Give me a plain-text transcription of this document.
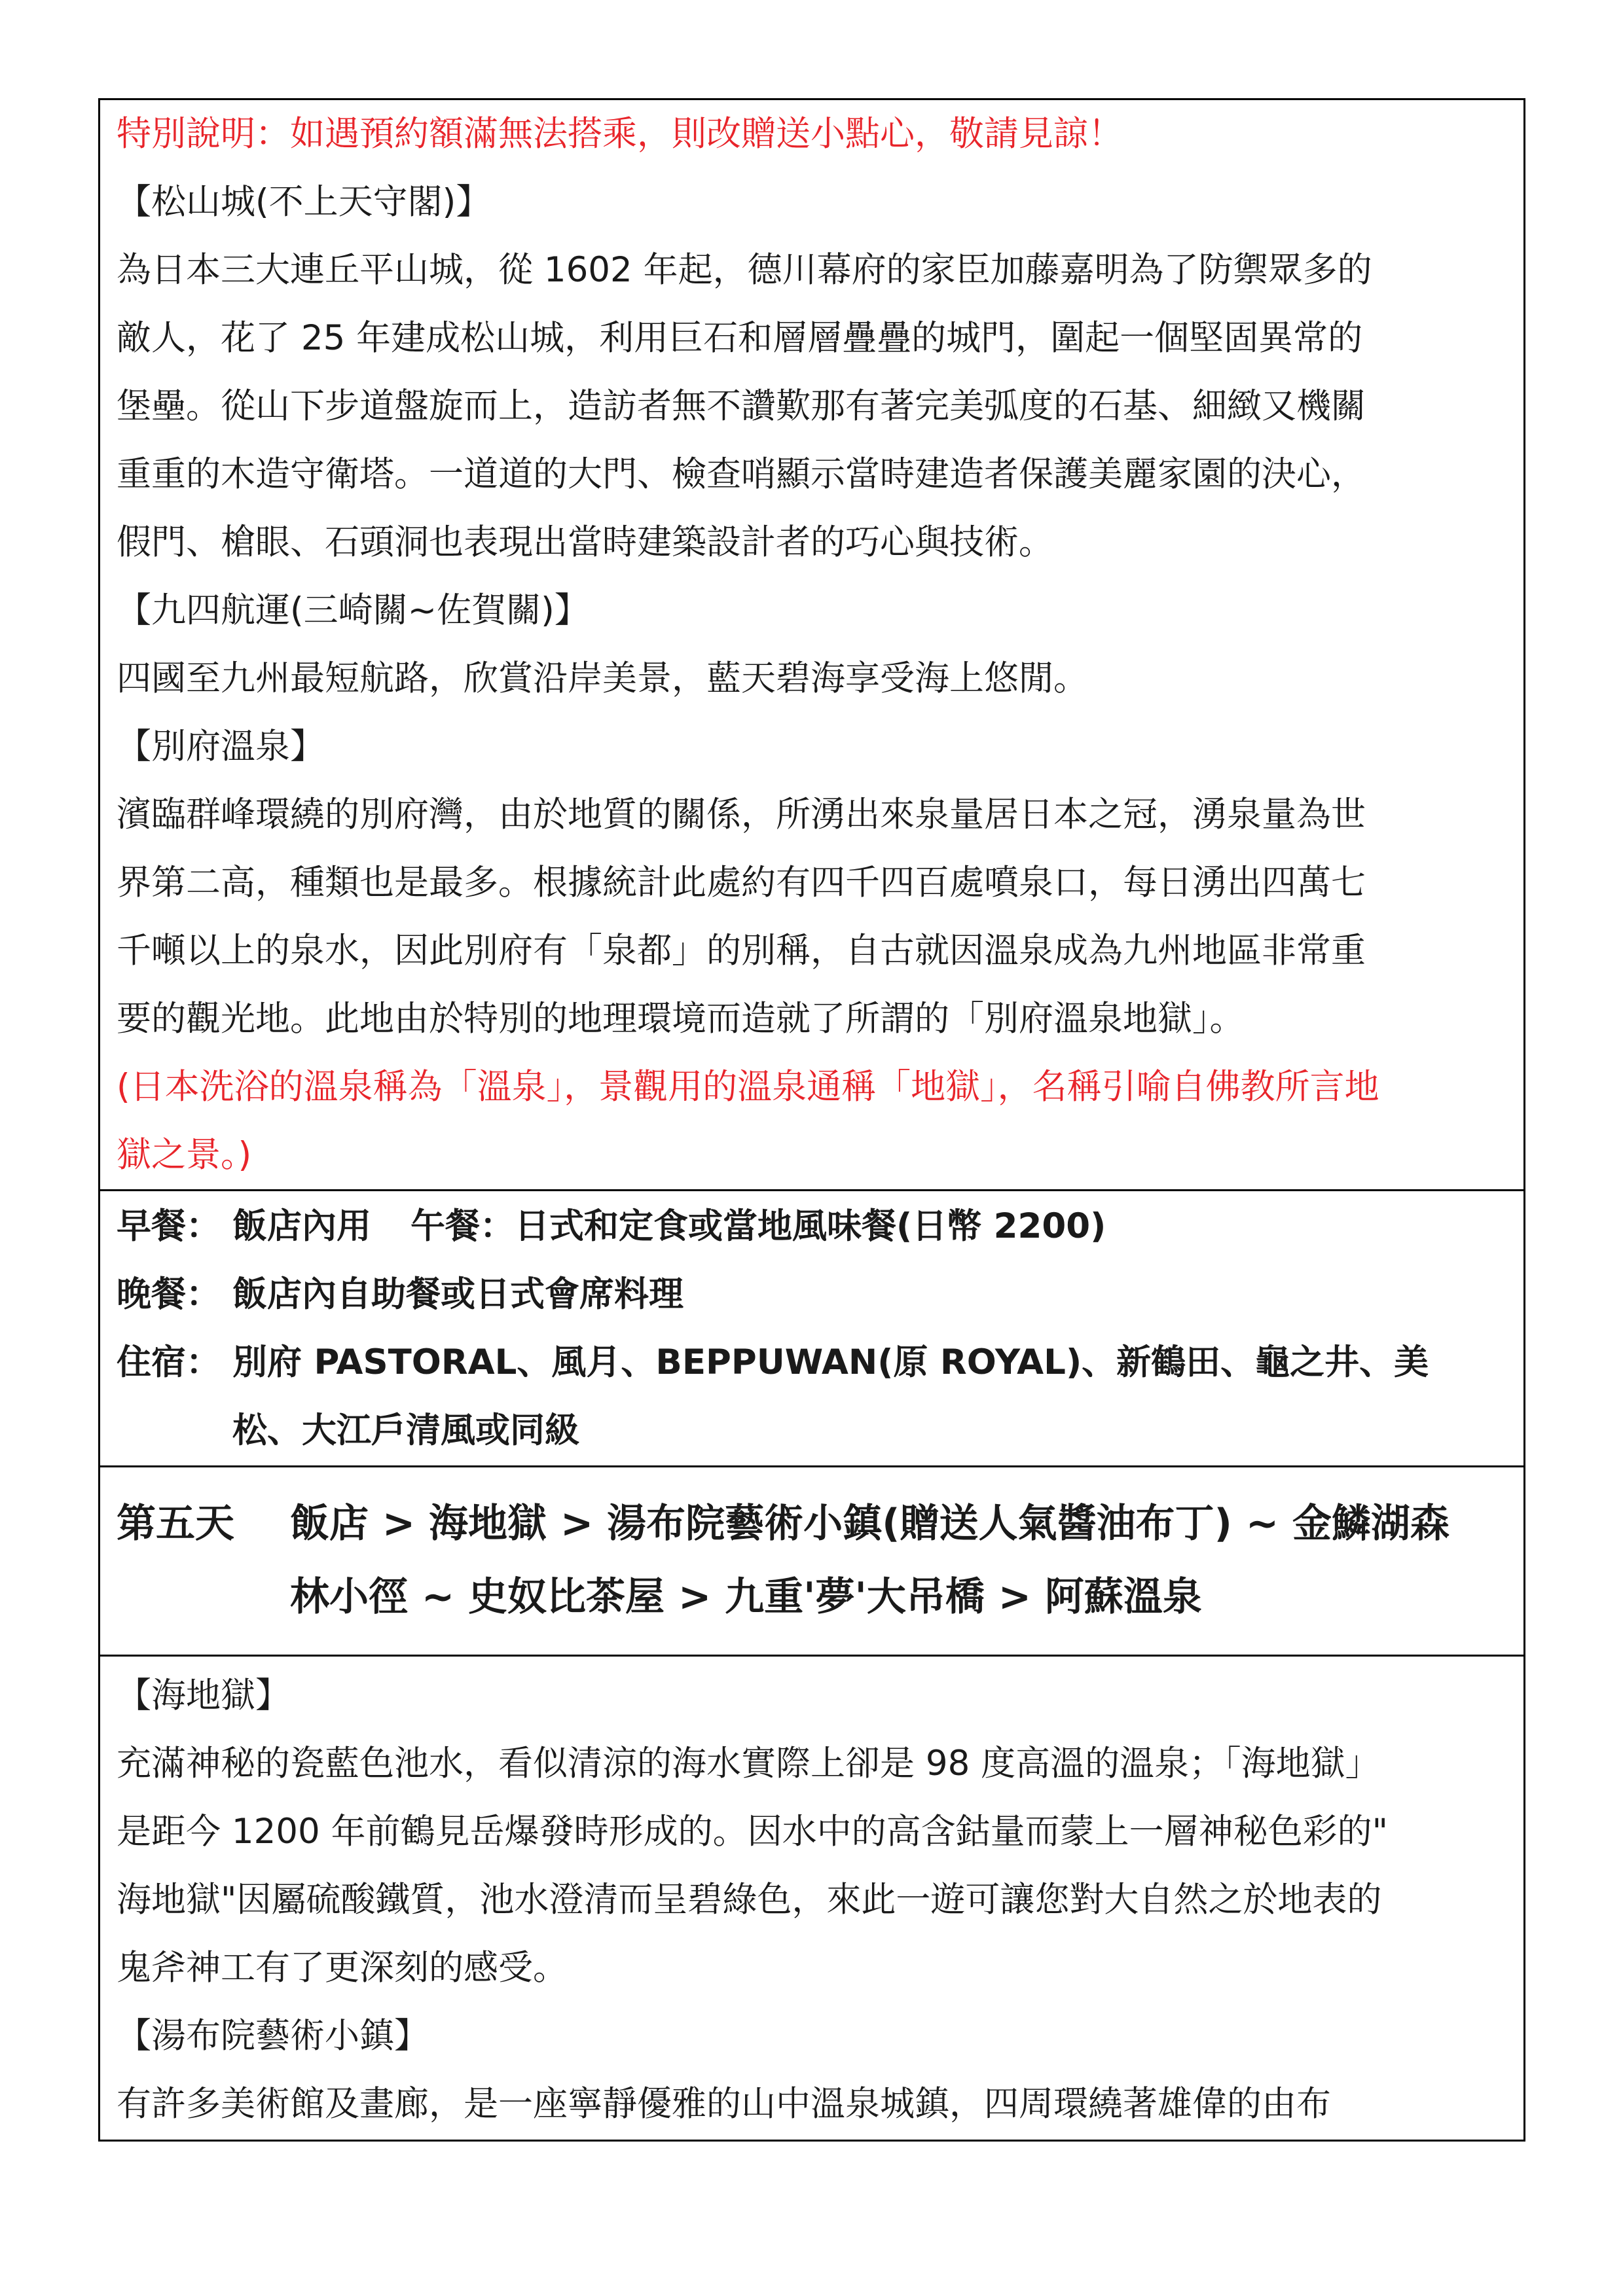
特別說明：如遇預約額滿無法搭乘，則改贈送小點心，敬請見諒！
【松山城(不上天守閣)】
為日本三大連丘平山城，從 1602 年起，德川幕府的家臣加藤嘉明為了防禦眾多的
敵人，花了 25 年建成松山城，利用巨石和層層疊疊的城門，圍起一個堅固異常的
堡壘。從山下步道盤旋而上，造訪者無不讚歎那有著完美弧度的石基、細緻又機關
重重的木造守衛塔。一道道的大門、檢查哨顯示當時建造者保護美麗家園的決心，
假門、槍眼、石頭洞也表現出當時建築設計者的巧心與技術。
【九四航運(三崎關~佐賀關)】
四國至九州最短航路，欣賞沿岸美景，藍天碧海享受海上悠閒。
【別府溫泉】
濱臨群峰環繞的別府灣，由於地質的關係，所湧出來泉量居日本之冠，湧泉量為世
界第二高，種類也是最多。根據統計此處約有四千四百處噴泉口，每日湧出四萬七
千噸以上的泉水，因此別府有「泉都」的別稱，自古就因溫泉成為九州地區非常重
要的觀光地。此地由於特別的地理環境而造就了所謂的「別府溫泉地獄」。
(日本洗浴的溫泉稱為「溫泉」，景觀用的溫泉通稱「地獄」，名稱引喻自佛教所言地
獄之景。)
早餐： 飯店內用 午餐：日式和定食或當地風味餐(日幣 2200)
晚餐： 飯店內自助餐或日式會席料理
住宿： 別府 PASTORAL、風月、BEPPUWAN(原 ROYAL)、新鶴田、龜之井、美
松、大江戶清風或同級
第五天 飯店 > 海地獄 > 湯布院藝術小鎮(贈送人氣醬油布丁) ~ 金鱗湖森
林小徑 ~ 史奴比茶屋 > 九重'夢'大吊橋 > 阿蘇溫泉
【海地獄】
充滿神秘的瓷藍色池水，看似清涼的海水實際上卻是 98 度高溫的溫泉；「海地獄」
是距今 1200 年前鶴見岳爆發時形成的。因水中的高含鈷量而蒙上一層神秘色彩的"
海地獄"因屬硫酸鐵質，池水澄清而呈碧綠色，來此一遊可讓您對大自然之於地表的
鬼斧神工有了更深刻的感受。
【湯布院藝術小鎮】
有許多美術館及畫廊，是一座寧靜優雅的山中溫泉城鎮，四周環繞著雄偉的由布
